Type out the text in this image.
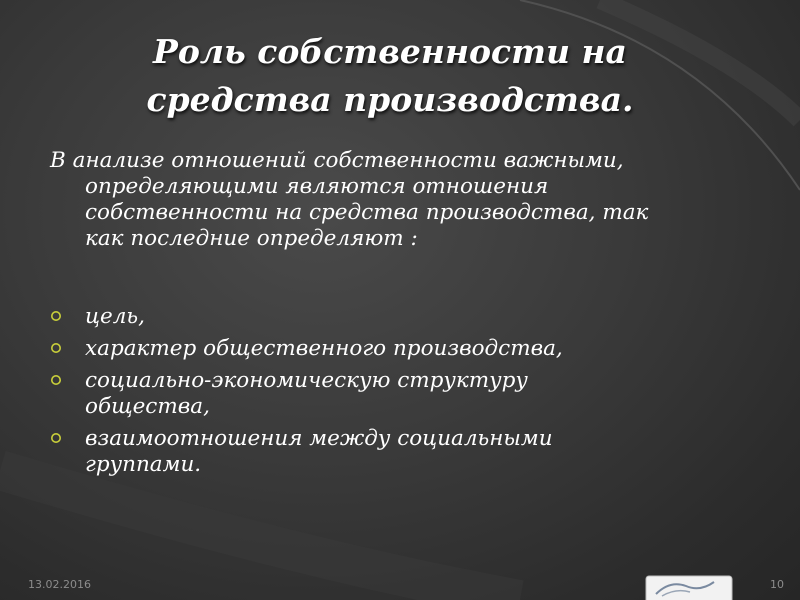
Роль собственности на
средства производства.
В анализе отношений собственности важными, определяющими являются отношения собственности на средства производства, так как последние определяют :
цель,
характер общественного производства,
социально-экономическую структуру общества,
взаимоотношения между социальными группами.
13.02.2016	10
